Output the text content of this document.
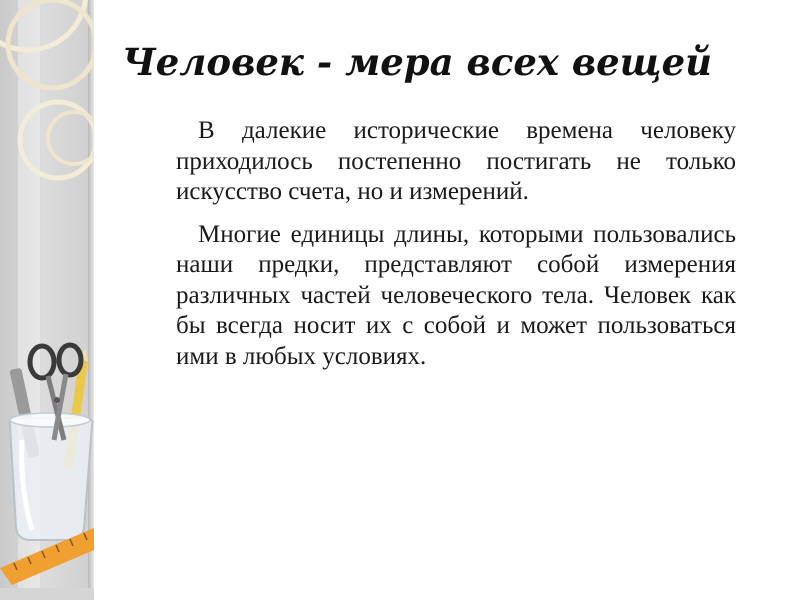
Человек - мера всех вещей

В далекие исторические времена человеку приходилось постепенно постигать не только искусство счета, но и измерений.

Многие единицы длины, которыми пользовались наши предки, представляют собой измерения различных частей человеческого тела. Человек как бы всегда носит их с собой и может пользоваться ими в любых условиях.
